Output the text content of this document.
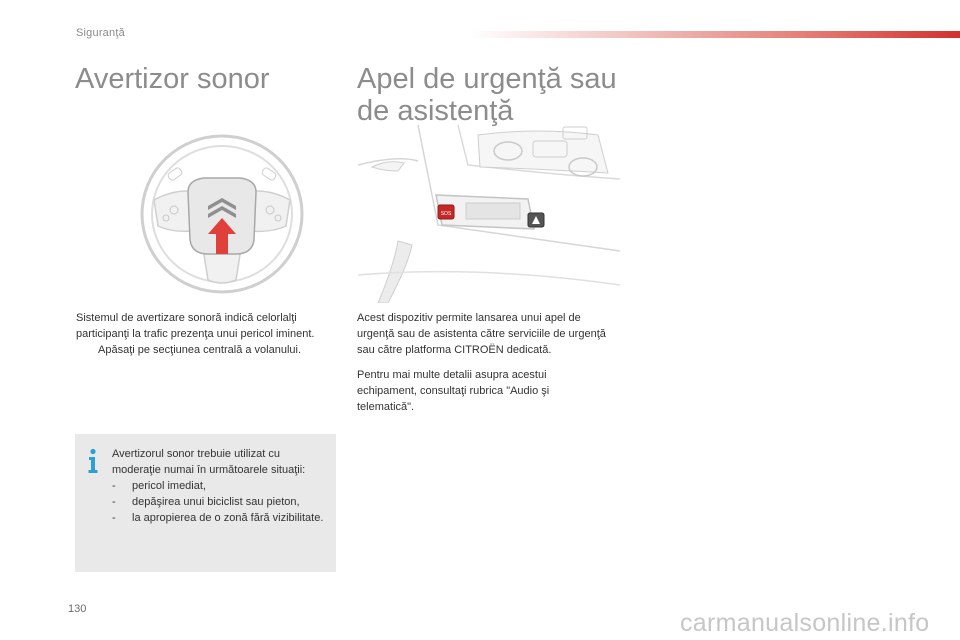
Siguranţă
Avertizor sonor	Apel de urgenţă sau
de asistenţă
SOS

Sistemul de avertizare sonoră indică celorlalţi participanţi la trafic prezenţa unui pericol iminent.

Apăsaţi pe secţiunea centrală a volanului.

Acest dispozitiv permite lansarea unui apel de urgenţă sau de asistenta către serviciile de urgenţă sau către platforma CITROËN dedicată.

Pentru mai multe detalii asupra acestui echipament, consultaţi rubrica "Audio şi telematică".

Avertizorul sonor trebuie utilizat cu moderaţie numai în următoarele situaţii:

-	pericol imediat,
-	depăşirea unui biciclist sau pieton,
-	la apropierea de o zonă fără vizibilitate.
130	carmanualsonline.info
